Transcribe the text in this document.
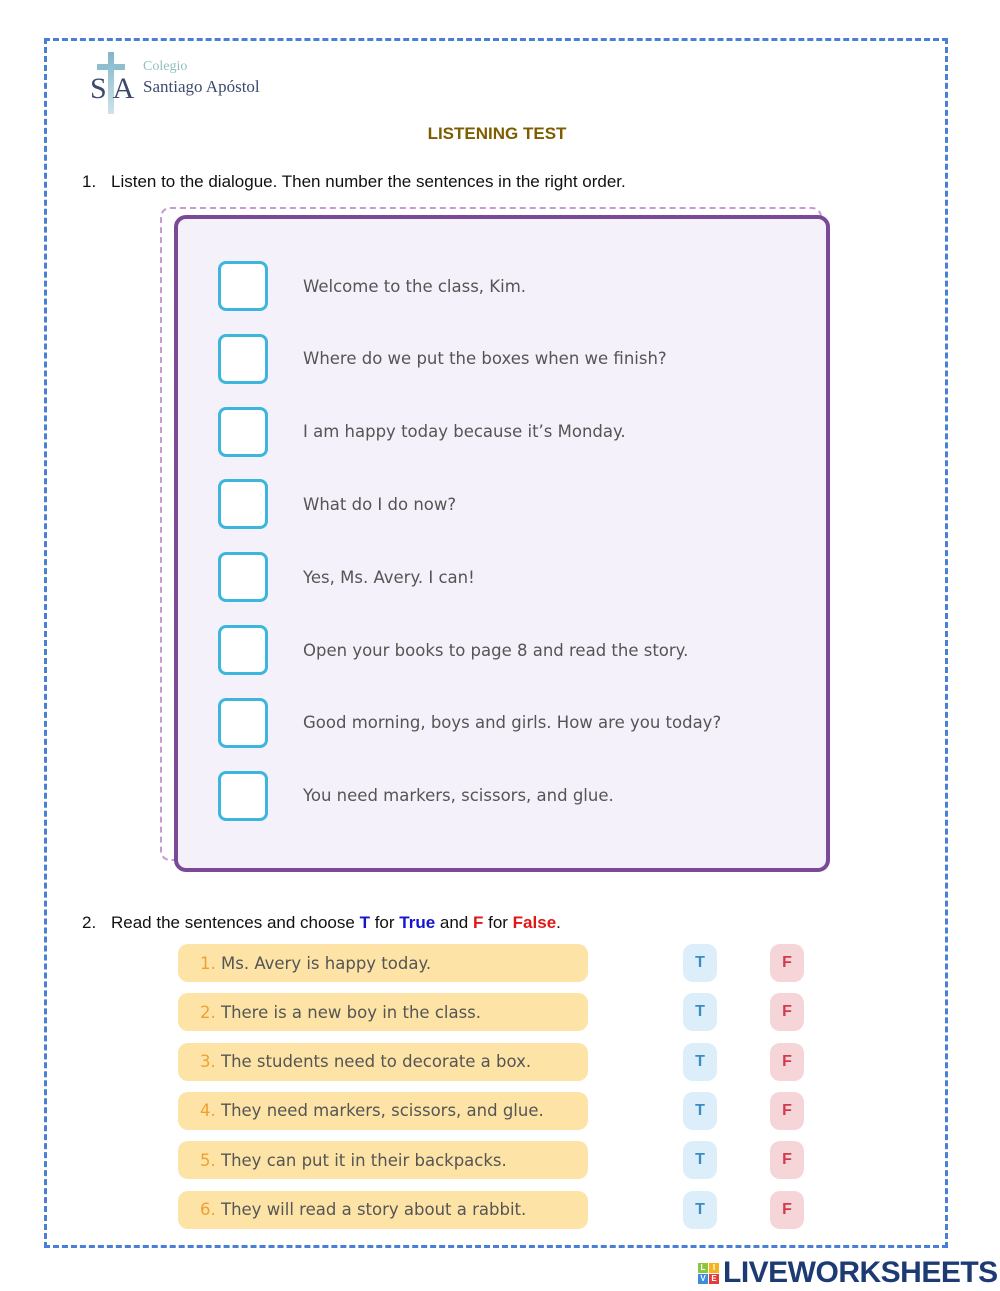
SA
Colegio
Santiago Apóstol
LISTENING TEST
1. Listen to the dialogue. Then number the sentences in the right order.
Welcome to the class, Kim.
Where do we put the boxes when we finish?
I am happy today because it’s Monday.
What do I do now?
Yes, Ms. Avery. I can!
Open your books to page 8 and read the story.
Good morning, boys and girls. How are you today?
You need markers, scissors, and glue.
2. Read the sentences and choose T for True and F for False.
1. Ms. Avery is happy today.	T	F
2. There is a new boy in the class.	T	F
3. The students need to decorate a box.	T	F
4. They need markers, scissors, and glue.	T	F
5. They can put it in their backpacks.	T	F
6. They will read a story about a rabbit.	T	F
L I
V E LIVEWORKSHEETS
